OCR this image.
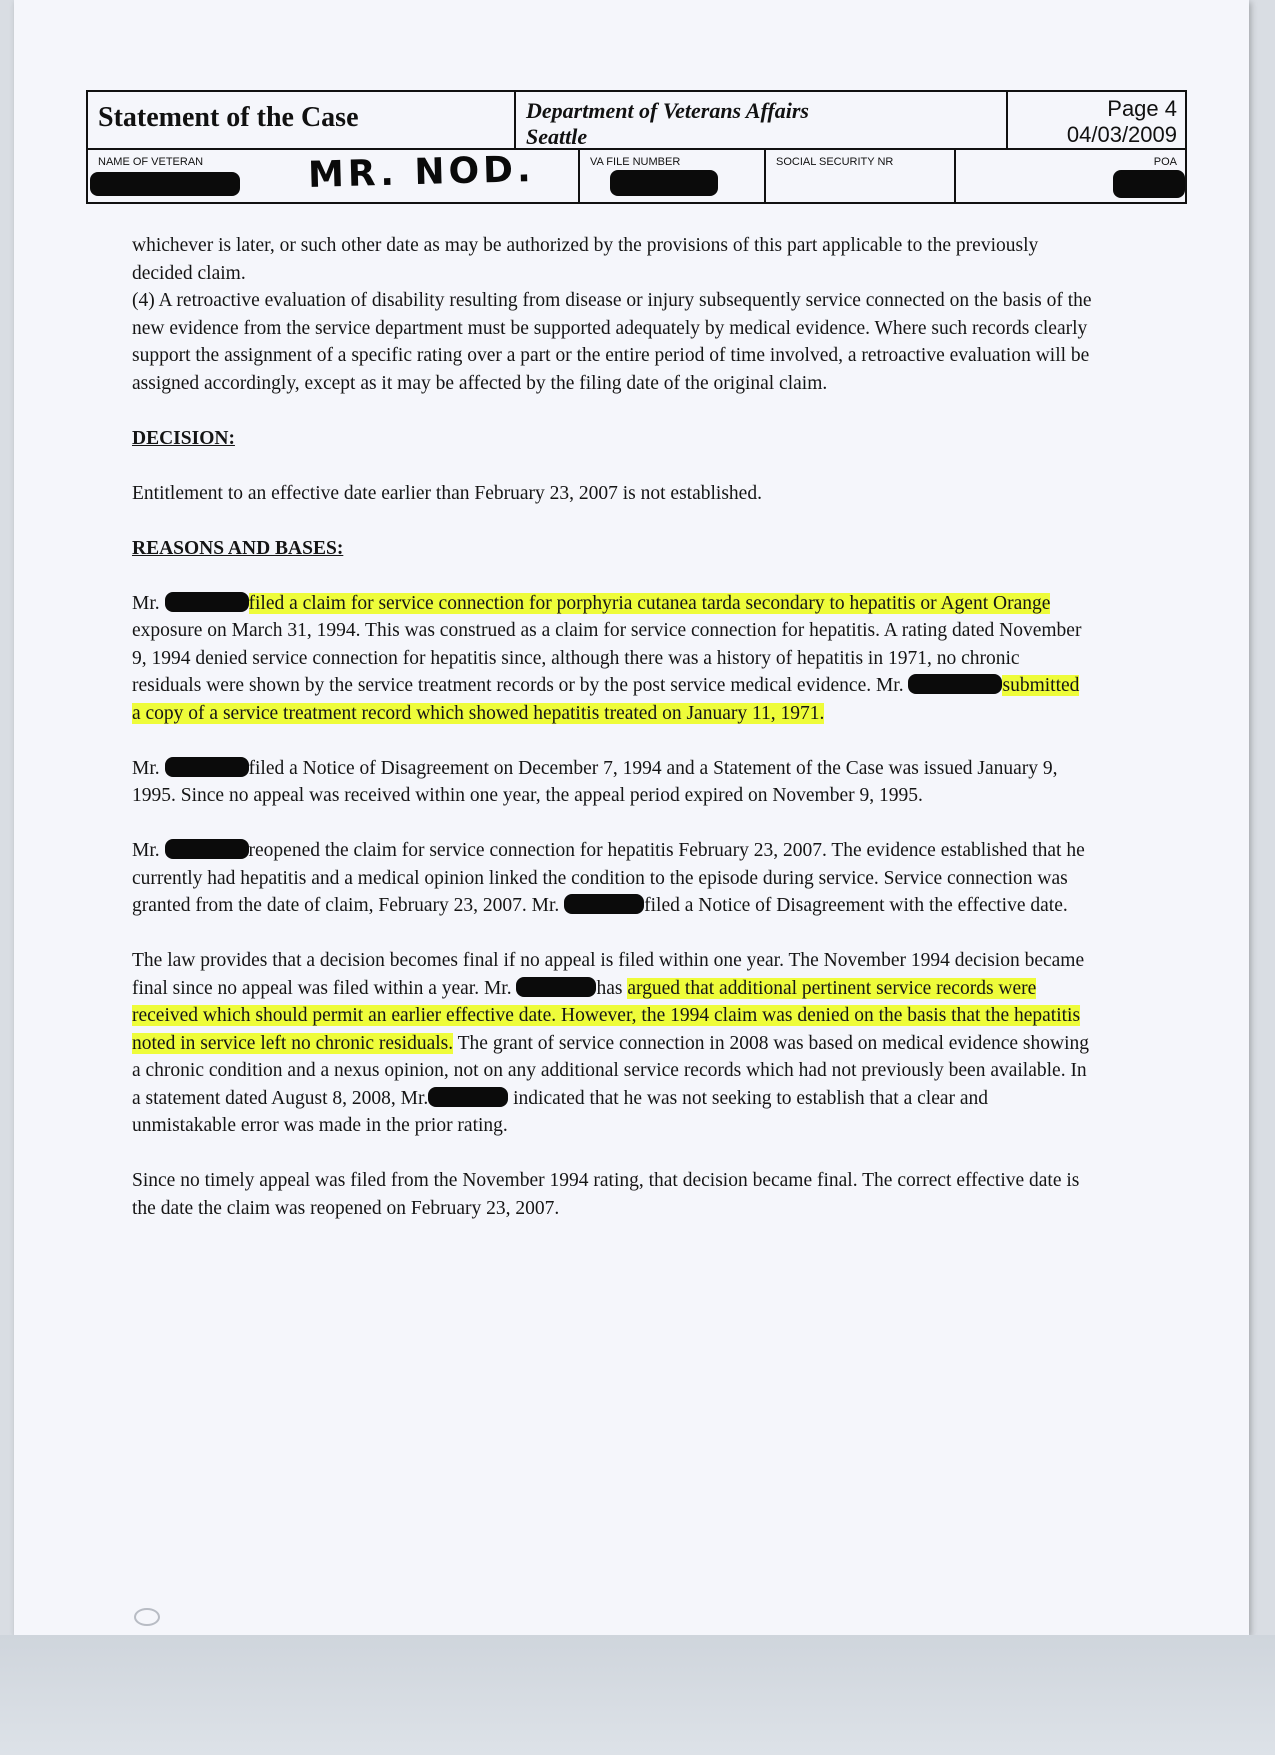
Statement of the Case	Department of Veterans Affairs
Seattle
Page 4
04/03/2009
NAME OF VETERAN	MR. NOD.	VA FILE NUMBER	SOCIAL SECURITY NR	POA

whichever is later, or such other date as may be authorized by the provisions of this part applicable to the previously decided claim.

(4) A retroactive evaluation of disability resulting from disease or injury subsequently service connected on the basis of the new evidence from the service department must be supported adequately by medical evidence. Where such records clearly support the assignment of a specific rating over a part or the entire period of time involved, a retroactive evaluation will be assigned accordingly, except as it may be affected by the filing date of the original claim.

DECISION:

Entitlement to an effective date earlier than February 23, 2007 is not established.

REASONS AND BASES:

Mr.	filed a claim for service connection for porphyria cutanea tarda secondary to hepatitis or Agent Orange exposure on March 31, 1994. This was construed as a claim for service connection for hepatitis. A rating dated November 9, 1994 denied service connection for hepatitis since, although there was a history of hepatitis in 1971, no chronic residuals were shown by the service treatment records or by the post service medical evidence. Mr.	submitted a copy of a service treatment record which showed hepatitis treated on January 11, 1971.

Mr.	filed a Notice of Disagreement on December 7, 1994 and a Statement of the Case was issued January 9, 1995. Since no appeal was received within one year, the appeal period expired on November 9, 1995.

Mr.	reopened the claim for service connection for hepatitis February 23, 2007. The evidence established that he currently had hepatitis and a medical opinion linked the condition to the episode during service. Service connection was granted from the date of claim, February 23, 2007. Mr.	filed a Notice of Disagreement with the effective date.

The law provides that a decision becomes final if no appeal is filed within one year. The November 1994 decision became final since no appeal was filed within a year. Mr.	has argued that additional pertinent service records were received which should permit an earlier effective date. However, the 1994 claim was denied on the basis that the hepatitis noted in service left no chronic residuals. The grant of service connection in 2008 was based on medical evidence showing a chronic condition and a nexus opinion, not on any additional service records which had not previously been available. In a statement dated August 8, 2008, Mr.	indicated that he was not seeking to establish that a clear and unmistakable error was made in the prior rating.

Since no timely appeal was filed from the November 1994 rating, that decision became final. The correct effective date is the date the claim was reopened on February 23, 2007.
